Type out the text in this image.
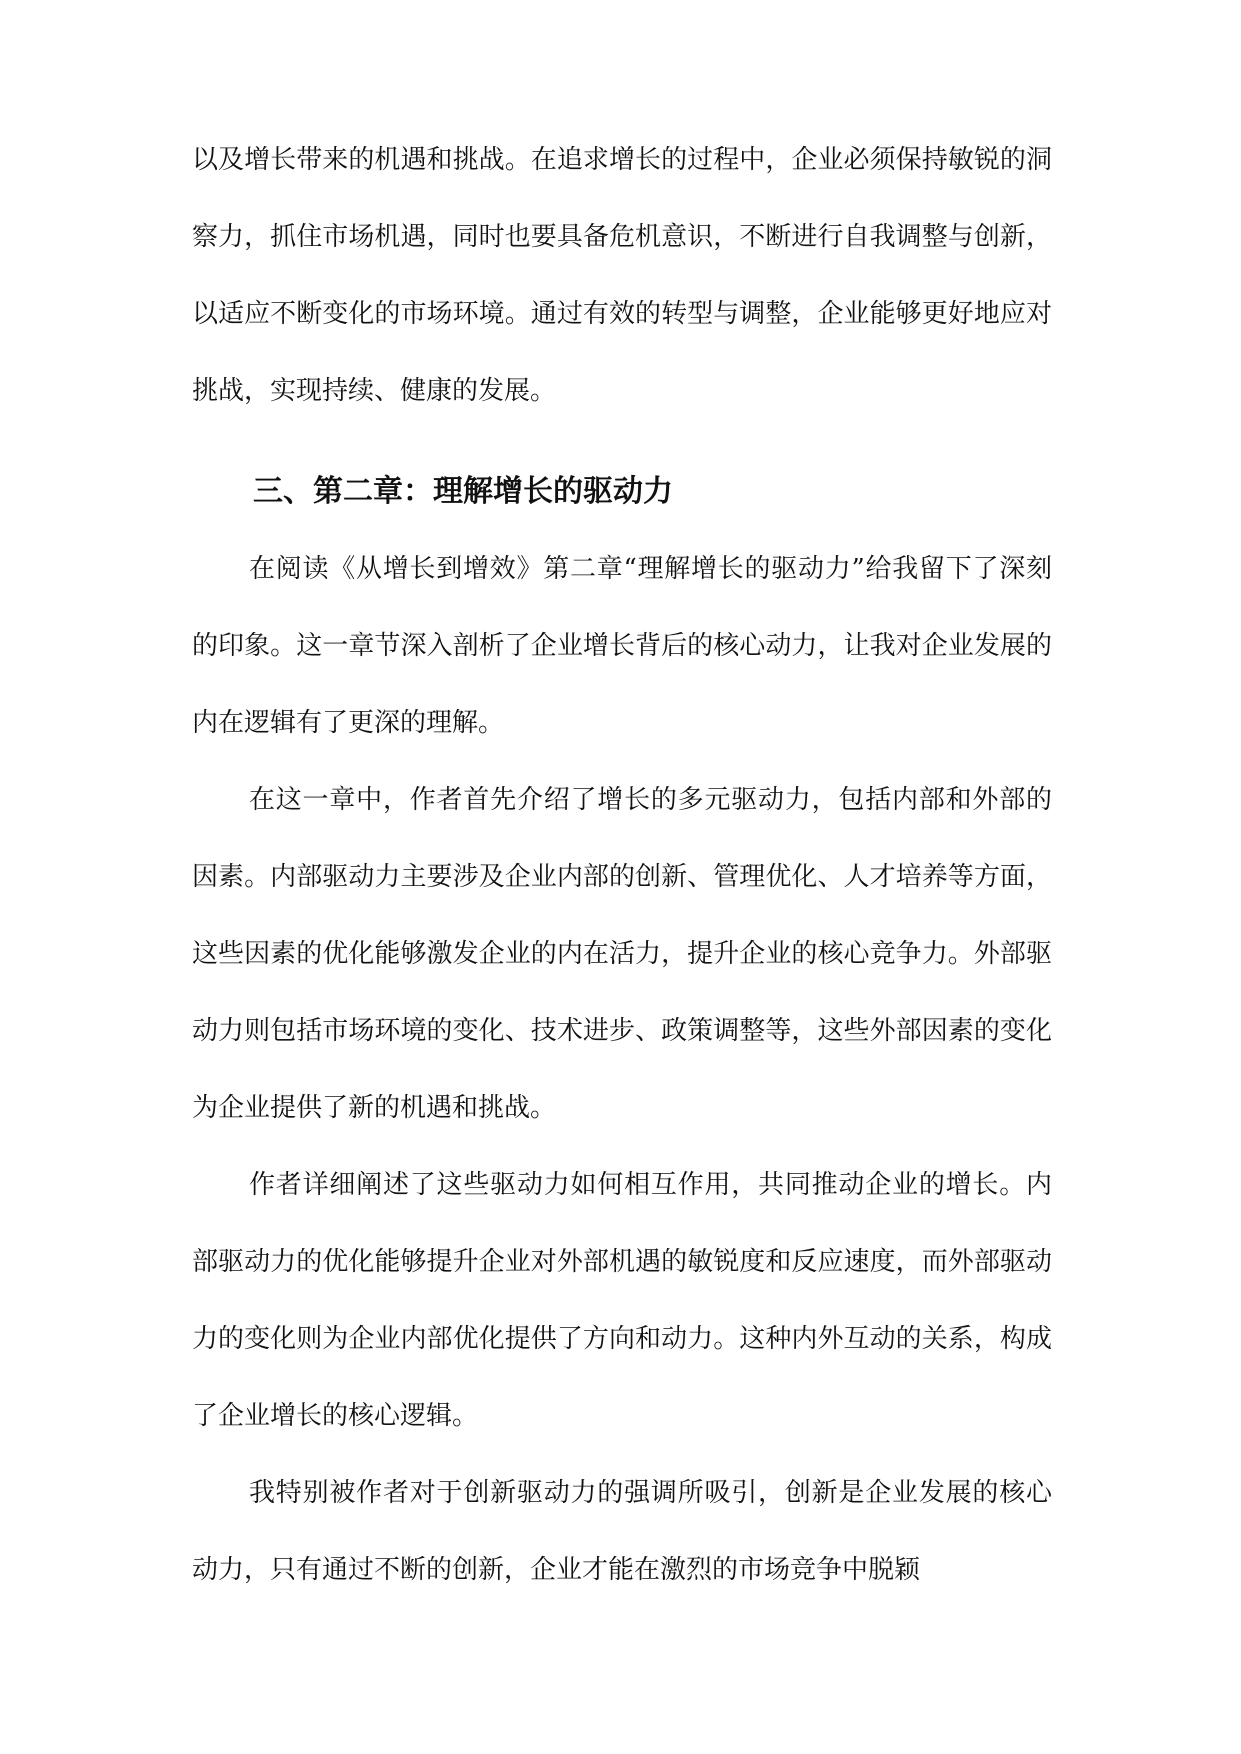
以及增长带来的机遇和挑战。在追求增长的过程中，企业必须保持敏锐的洞察力，抓住市场机遇，同时也要具备危机意识，不断进行自我调整与创新，以适应不断变化的市场环境。通过有效的转型与调整，企业能够更好地应对挑战，实现持续、健康的发展。

三、第二章：理解增长的驱动力

在阅读《从增长到增效》第二章“理解增长的驱动力”给我留下了深刻的印象。这一章节深入剖析了企业增长背后的核心动力，让我对企业发展的内在逻辑有了更深的理解。

在这一章中，作者首先介绍了增长的多元驱动力，包括内部和外部的因素。内部驱动力主要涉及企业内部的创新、管理优化、人才培养等方面，这些因素的优化能够激发企业的内在活力，提升企业的核心竞争力。外部驱动力则包括市场环境的变化、技术进步、政策调整等，这些外部因素的变化为企业提供了新的机遇和挑战。

作者详细阐述了这些驱动力如何相互作用，共同推动企业的增长。内部驱动力的优化能够提升企业对外部机遇的敏锐度和反应速度，而外部驱动力的变化则为企业内部优化提供了方向和动力。这种内外互动的关系，构成了企业增长的核心逻辑。

我特别被作者对于创新驱动力的强调所吸引，创新是企业发展的核心动力，只有通过不断的创新，企业才能在激烈的市场竞争中脱颖
